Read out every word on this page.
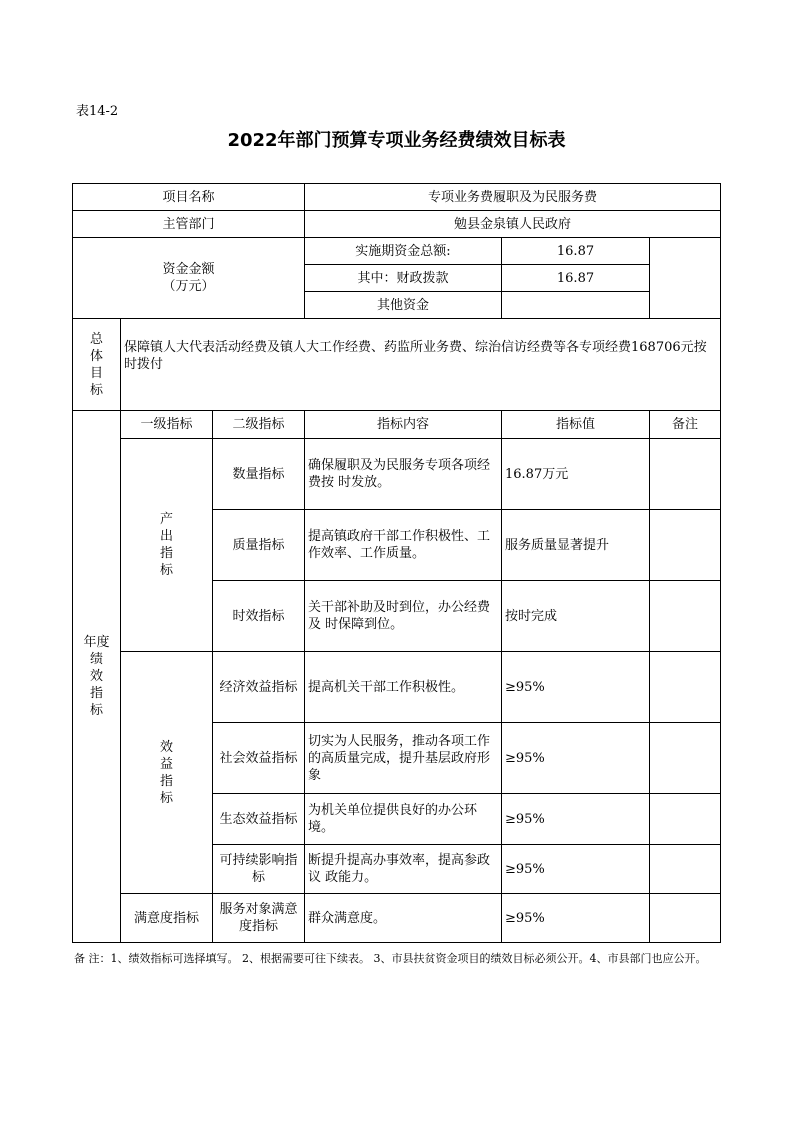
表14-2
2022年部门预算专项业务经费绩效目标表
项目名称			专项业务费履职及为民服务费		
主管部门			勉县金泉镇人民政府		

资金金额
（万元）			实施期资金总额:	16.87	
			其中：财政拨款	16.87	
			其他资金		

总
体
目
标	保障镇人大代表活动经费及镇人大工作经费、药监所业务费、综治信访经费等各专项经费168706元按时拨付				

年度
绩
效
指
标	一级指标	二级指标	指标内容	指标值	备注

	产
出
指
标	数量指标	确保履职及为民服务专项各项经费按 时发放。	16.87万元	
		质量指标	提高镇政府干部工作积极性、工作效率、工作质量。	服务质量显著提升	
		时效指标	关干部补助及时到位，办公经费及 时保障到位。	按时完成	

	效
益
指
标	经济效益指标	提高机关干部工作积极性。	≥95%	
		社会效益指标	切实为人民服务，推动各项工作的高质量完成，提升基层政府形象	≥95%	
		生态效益指标	为机关单位提供良好的办公环境。	≥95%	
		可持续影响指标	断提升提高办事效率，提高参政议 政能力。	≥95%	
	满意度指标	服务对象满意度指标	群众满意度。	≥95%	
备 注：1、绩效指标可选择填写。 2、根据需要可往下续表。 3、市县扶贫资金项目的绩效目标必须公开。4、市县部门也应公开。
